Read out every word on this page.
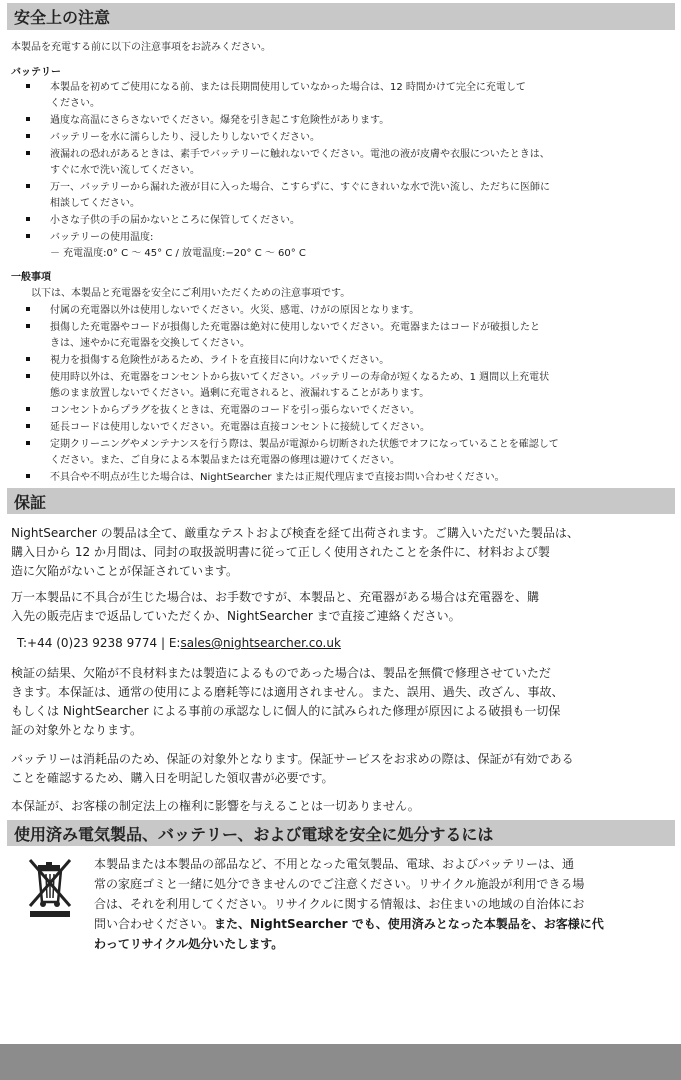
安全上の注意
本製品を充電する前に以下の注意事項をお読みください。
バッテリー
本製品を初めてご使用になる前、または長期間使用していなかった場合は、12 時間かけて完全に充電して
ください。
過度な高温にさらさないでください。爆発を引き起こす危険性があります。
バッテリーを水に濡らしたり、浸したりしないでください。
液漏れの恐れがあるときは、素手でバッテリーに触れないでください。電池の液が皮膚や衣服についたときは、
すぐに水で洗い流してください。
万一、バッテリーから漏れた液が目に入った場合、こすらずに、すぐにきれいな水で洗い流し、ただちに医師に
相談してください。
小さな子供の手の届かないところに保管してください。
バッテリーの使用温度:
－ 充電温度:0° C ～ 45° C / 放電温度:−20° C ～ 60° C
一般事項
以下は、本製品と充電器を安全にご利用いただくための注意事項です。
付属の充電器以外は使用しないでください。火災、感電、けがの原因となります。
損傷した充電器やコードが損傷した充電器は絶対に使用しないでください。充電器またはコードが破損したと
きは、速やかに充電器を交換してください。
視力を損傷する危険性があるため、ライトを直接目に向けないでください。
使用時以外は、充電器をコンセントから抜いてください。バッテリーの寿命が短くなるため、1 週間以上充電状
態のまま放置しないでください。過剰に充電されると、液漏れすることがあります。
コンセントからプラグを抜くときは、充電器のコードを引っ張らないでください。
延長コードは使用しないでください。充電器は直接コンセントに接続してください。
定期クリーニングやメンテナンスを行う際は、製品が電源から切断された状態でオフになっていることを確認して
ください。また、ご自身による本製品または充電器の修理は避けてください。
不具合や不明点が生じた場合は、NightSearcher または正規代理店まで直接お問い合わせください。
保証
NightSearcher の製品は全て、厳重なテストおよび検査を経て出荷されます。ご購入いただいた製品は、
購入日から 12 か月間は、同封の取扱説明書に従って正しく使用されたことを条件に、材料および製
造に欠陥がないことが保証されています。
万一本製品に不具合が生じた場合は、お手数ですが、本製品と、充電器がある場合は充電器を、購
入先の販売店まで返品していただくか、NightSearcher まで直接ご連絡ください。
T:+44 (0)23 9238 9774 | E:sales@nightsearcher.co.uk
検証の結果、欠陥が不良材料または製造によるものであった場合は、製品を無償で修理させていただ
きます。本保証は、通常の使用による磨耗等には適用されません。また、誤用、過失、改ざん、事故、
もしくは NightSearcher による事前の承認なしに個人的に試みられた修理が原因による破損も一切保
証の対象外となります。
バッテリーは消耗品のため、保証の対象外となります。保証サービスをお求めの際は、保証が有効である
ことを確認するため、購入日を明記した領収書が必要です。
本保証が、お客様の制定法上の権利に影響を与えることは一切ありません。
使用済み電気製品、バッテリー、および電球を安全に処分するには
本製品または本製品の部品など、不用となった電気製品、電球、およびバッテリーは、通
常の家庭ゴミと一緒に処分できませんのでご注意ください。リサイクル施設が利用できる場
合は、それを利用してください。リサイクルに関する情報は、お住まいの地域の自治体にお
問い合わせください。また、NightSearcher でも、使用済みとなった本製品を、お客様に代
わってリサイクル処分いたします。
